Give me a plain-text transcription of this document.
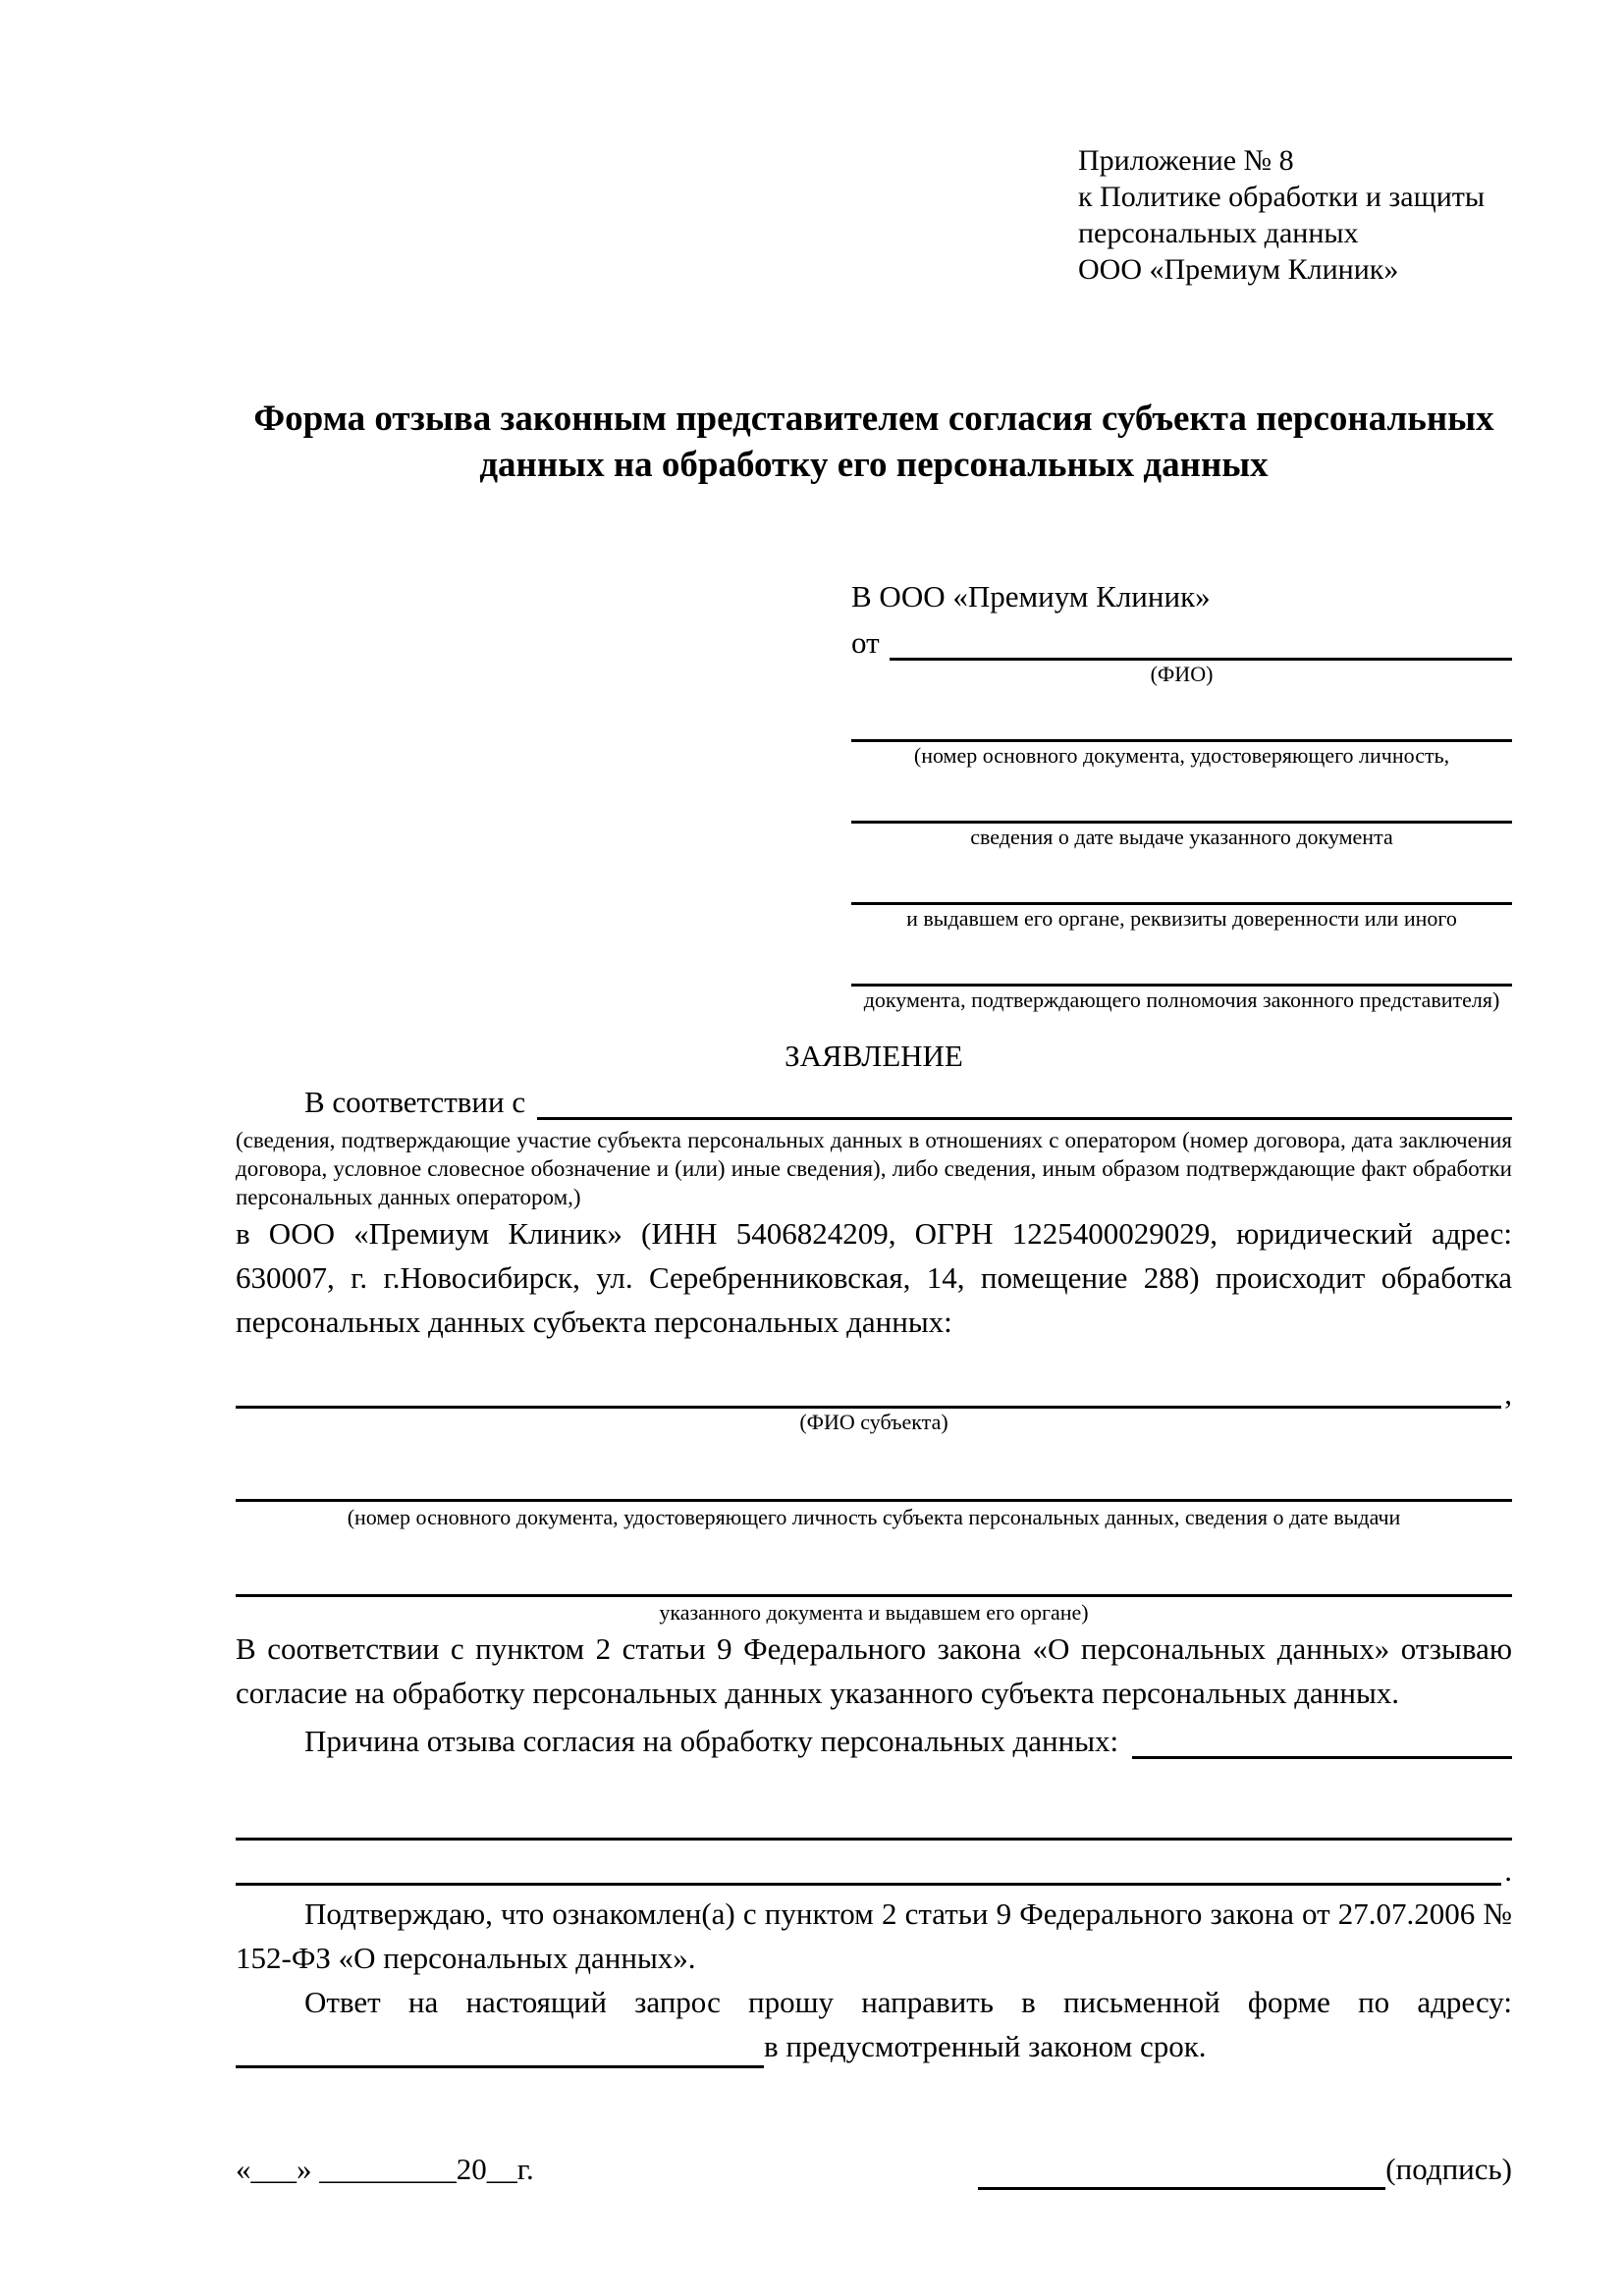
Приложение № 8
к Политике обработки и защиты
персональных данных
ООО «Премиум Клиник»
Форма отзыва законным представителем согласия субъекта персональных данных на обработку его персональных данных
В ООО «Премиум Клиник»
от
(ФИО)
(номер основного документа, удостоверяющего личность,
сведения о дате выдаче указанного документа
и выдавшем его органе, реквизиты доверенности или иного
документа, подтверждающего полномочия законного представителя)
ЗАЯВЛЕНИЕ
В соответствии с
(сведения, подтверждающие участие субъекта персональных данных в отношениях с оператором (номер договора, дата заключения договора, условное словесное обозначение и (или) иные сведения), либо сведения, иным образом подтверждающие факт обработки персональных данных оператором,)
в ООО «Премиум Клиник» (ИНН 5406824209, ОГРН 1225400029029, юридический адрес: 630007, г. г.Новосибирск, ул. Серебренниковская, 14, помещение 288) происходит обработка персональных данных субъекта персональных данных:
,
(ФИО субъекта)
(номер основного документа, удостоверяющего личность субъекта персональных данных, сведения о дате выдачи
указанного документа и выдавшем его органе)
В соответствии с пунктом 2 статьи 9 Федерального закона «О персональных данных» отзываю согласие на обработку персональных данных указанного субъекта персональных данных.
Причина отзыва согласия на обработку персональных данных:
.
Подтверждаю, что ознакомлен(а) с пунктом 2 статьи 9 Федерального закона от 27.07.2006 № 152-ФЗ «О персональных данных».
Ответ на настоящий запрос прошу направить в письменной форме по адресу:
в предусмотренный законом срок.
«___» _________20__г.	(подпись)
